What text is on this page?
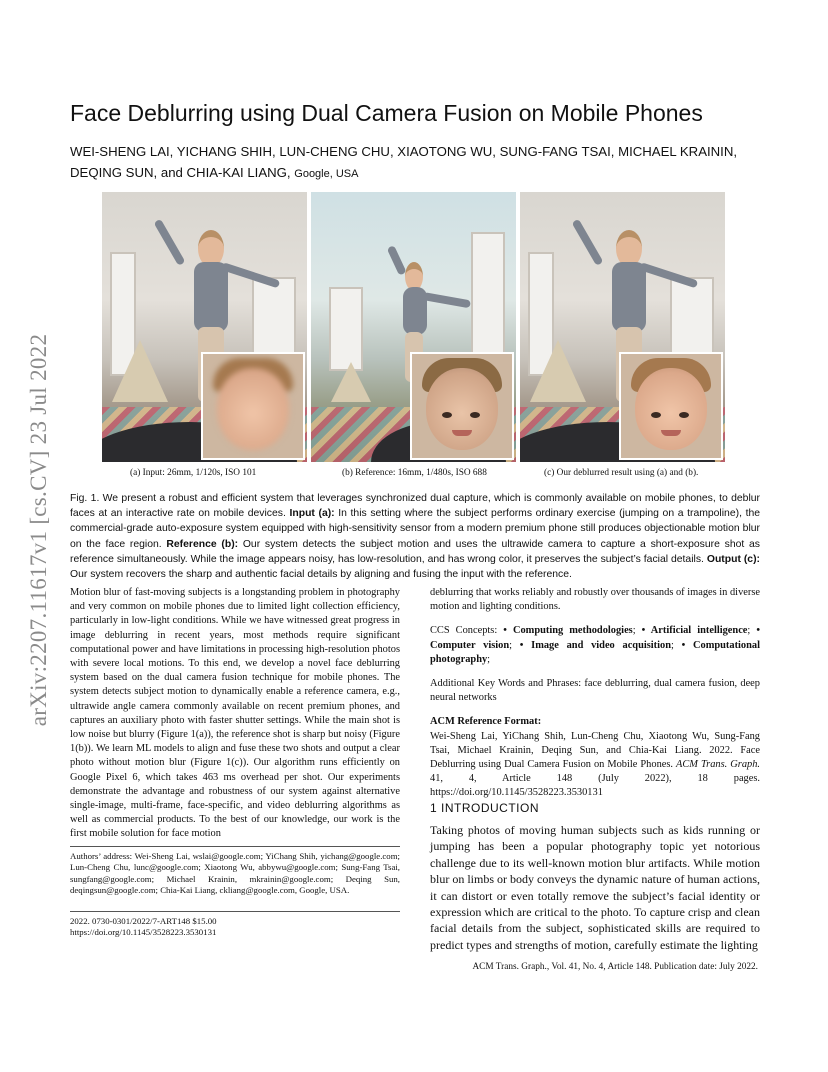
arXiv:2207.11617v1 [cs.CV] 23 Jul 2022
Face Deblurring using Dual Camera Fusion on Mobile Phones
WEI-SHENG LAI, YICHANG SHIH, LUN-CHENG CHU, XIAOTONG WU, SUNG-FANG TSAI, MICHAEL KRAININ, DEQING SUN, and CHIA-KAI LIANG, Google, USA
(a) Input: 26mm, 1/120s, ISO 101	(b) Reference: 16mm, 1/480s, ISO 688	(c) Our deblurred result using (a) and (b).
Fig. 1. We present a robust and efficient system that leverages synchronized dual capture, which is commonly available on mobile phones, to deblur faces at an interactive rate on mobile devices. Input (a): In this setting where the subject performs ordinary exercise (jumping on a trampoline), the commercial-grade auto-exposure system equipped with high-sensitivity sensor from a modern premium phone still produces objectionable motion blur on the face region. Reference (b): Our system detects the subject motion and uses the ultrawide camera to capture a short-exposure shot as reference simultaneously. While the image appears noisy, has low-resolution, and has wrong color, it preserves the subject’s facial details. Output (c): Our system recovers the sharp and authentic facial details by aligning and fusing the input with the reference.

Motion blur of fast-moving subjects is a longstanding problem in photography and very common on mobile phones due to limited light collection efficiency, particularly in low-light conditions. While we have witnessed great progress in image deblurring in recent years, most methods require significant computational power and have limitations in processing high-resolution photos with severe local motions. To this end, we develop a novel face deblurring system based on the dual camera fusion technique for mobile phones. The system detects subject motion to dynamically enable a reference camera, e.g., ultrawide angle camera commonly available on recent premium phones, and captures an auxiliary photo with faster shutter settings. While the main shot is low noise but blurry (Figure 1(a)), the reference shot is sharp but noisy (Figure 1(b)). We learn ML models to align and fuse these two shots and output a clear photo without motion blur (Figure 1(c)). Our algorithm runs efficiently on Google Pixel 6, which takes 463 ms overhead per shot. Our experiments demonstrate the advantage and robustness of our system against alternative single-image, multi-frame, face-specific, and video deblurring algorithms as well as commercial products. To the best of our knowledge, our work is the first mobile solution for face motion

deblurring that works reliably and robustly over thousands of images in diverse motion and lighting conditions.

CCS Concepts: • Computing methodologies; • Artificial intelligence; • Computer vision; • Image and video acquisition; • Computational photography;

Additional Key Words and Phrases: face deblurring, dual camera fusion, deep neural networks

ACM Reference Format:

Wei-Sheng Lai, YiChang Shih, Lun-Cheng Chu, Xiaotong Wu, Sung-Fang Tsai, Michael Krainin, Deqing Sun, and Chia-Kai Liang. 2022. Face Deblurring using Dual Camera Fusion on Mobile Phones. ACM Trans. Graph. 41, 4, Article 148 (July 2022), 18 pages. https://doi.org/10.1145/3528223.3530131

1 INTRODUCTION
Taking photos of moving human subjects such as kids running or jumping has been a popular photography topic yet notorious challenge due to its well-known motion blur artifacts. While motion blur on limbs or body conveys the dynamic nature of human actions, it can distort or even totally remove the subject’s facial identity or expression which are critical to the photo. To capture crisp and clean facial details from the subject, sophisticated skills are required to predict types and strengths of motion, carefully estimate the lighting
Authors’ address: Wei-Sheng Lai, wslai@google.com; YiChang Shih, yichang@google.com; Lun-Cheng Chu, lunc@google.com; Xiaotong Wu, abbywu@google.com; Sung-Fang Tsai, sungfang@google.com; Michael Krainin, mkrainin@google.com; Deqing Sun, deqingsun@google.com; Chia-Kai Liang, ckliang@google.com, Google, USA.
2022. 0730-0301/2022/7-ART148 $15.00
https://doi.org/10.1145/3528223.3530131
ACM Trans. Graph., Vol. 41, No. 4, Article 148. Publication date: July 2022.
